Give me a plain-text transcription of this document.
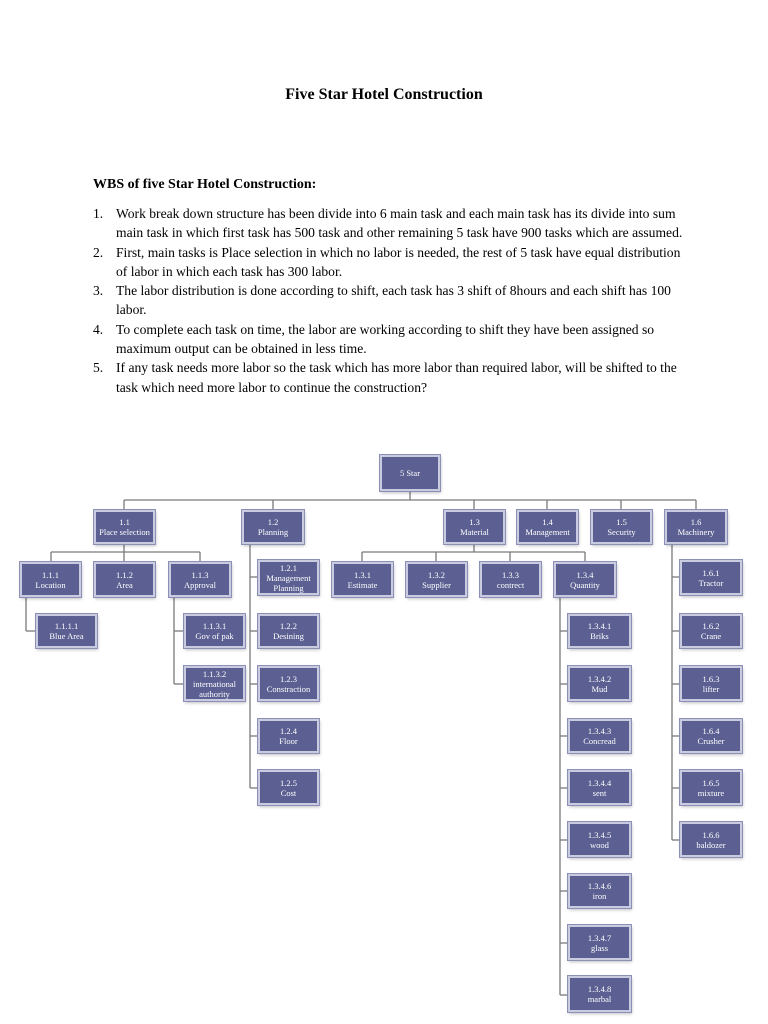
Five Star Hotel Construction
WBS of five Star Hotel Construction:
1. Work break down structure has been divide into 6 main task and each main task has its divide into sum main task in which first task has 500 task and other remaining 5 task have 900 tasks which are assumed.
2. First, main tasks is Place selection in which no labor is needed, the rest of 5 task have equal distribution of labor in which each task has 300 labor.
3. The labor distribution is done according to shift, each task has 3 shift of 8hours and each shift has 100 labor.
4. To complete each task on time, the labor are working according to shift they have been assigned so maximum output can be obtained in less time.
5. If any task needs more labor so the task which has more labor than required labor, will be shifted to the task which need more labor to continue the construction?
5 Star
1.1
Place selection
1.2
Planning
1.3
Material
1.4
Management
1.5
Security
1.6
Machinery
1.1.1
Location
1.1.2
Area
1.1.3
Approval
1.1.1.1
Blue Area
1.1.3.1
Gov of pak
1.1.3.2
international authority
1.2.1
Management Planning
1.2.2
Desining
1.2.3
Constraction
1.2.4
Floor
1.2.5
Cost
1.3.1
Estimate
1.3.2
Supplier
1.3.3
contrect
1.3.4
Quantity
1.3.4.1
Briks
1.3.4.2
Mud
1.3.4.3
Concread
1.3.4.4
sent
1.3.4.5
wood
1.3.4.6
iron
1.3.4.7
glass
1.3.4.8
marbal
1.6.1
Tractor
1.6.2
Crane
1.6.3
lifter
1.6.4
Crusher
1.6.5
mixture
1.6.6
baldozer
